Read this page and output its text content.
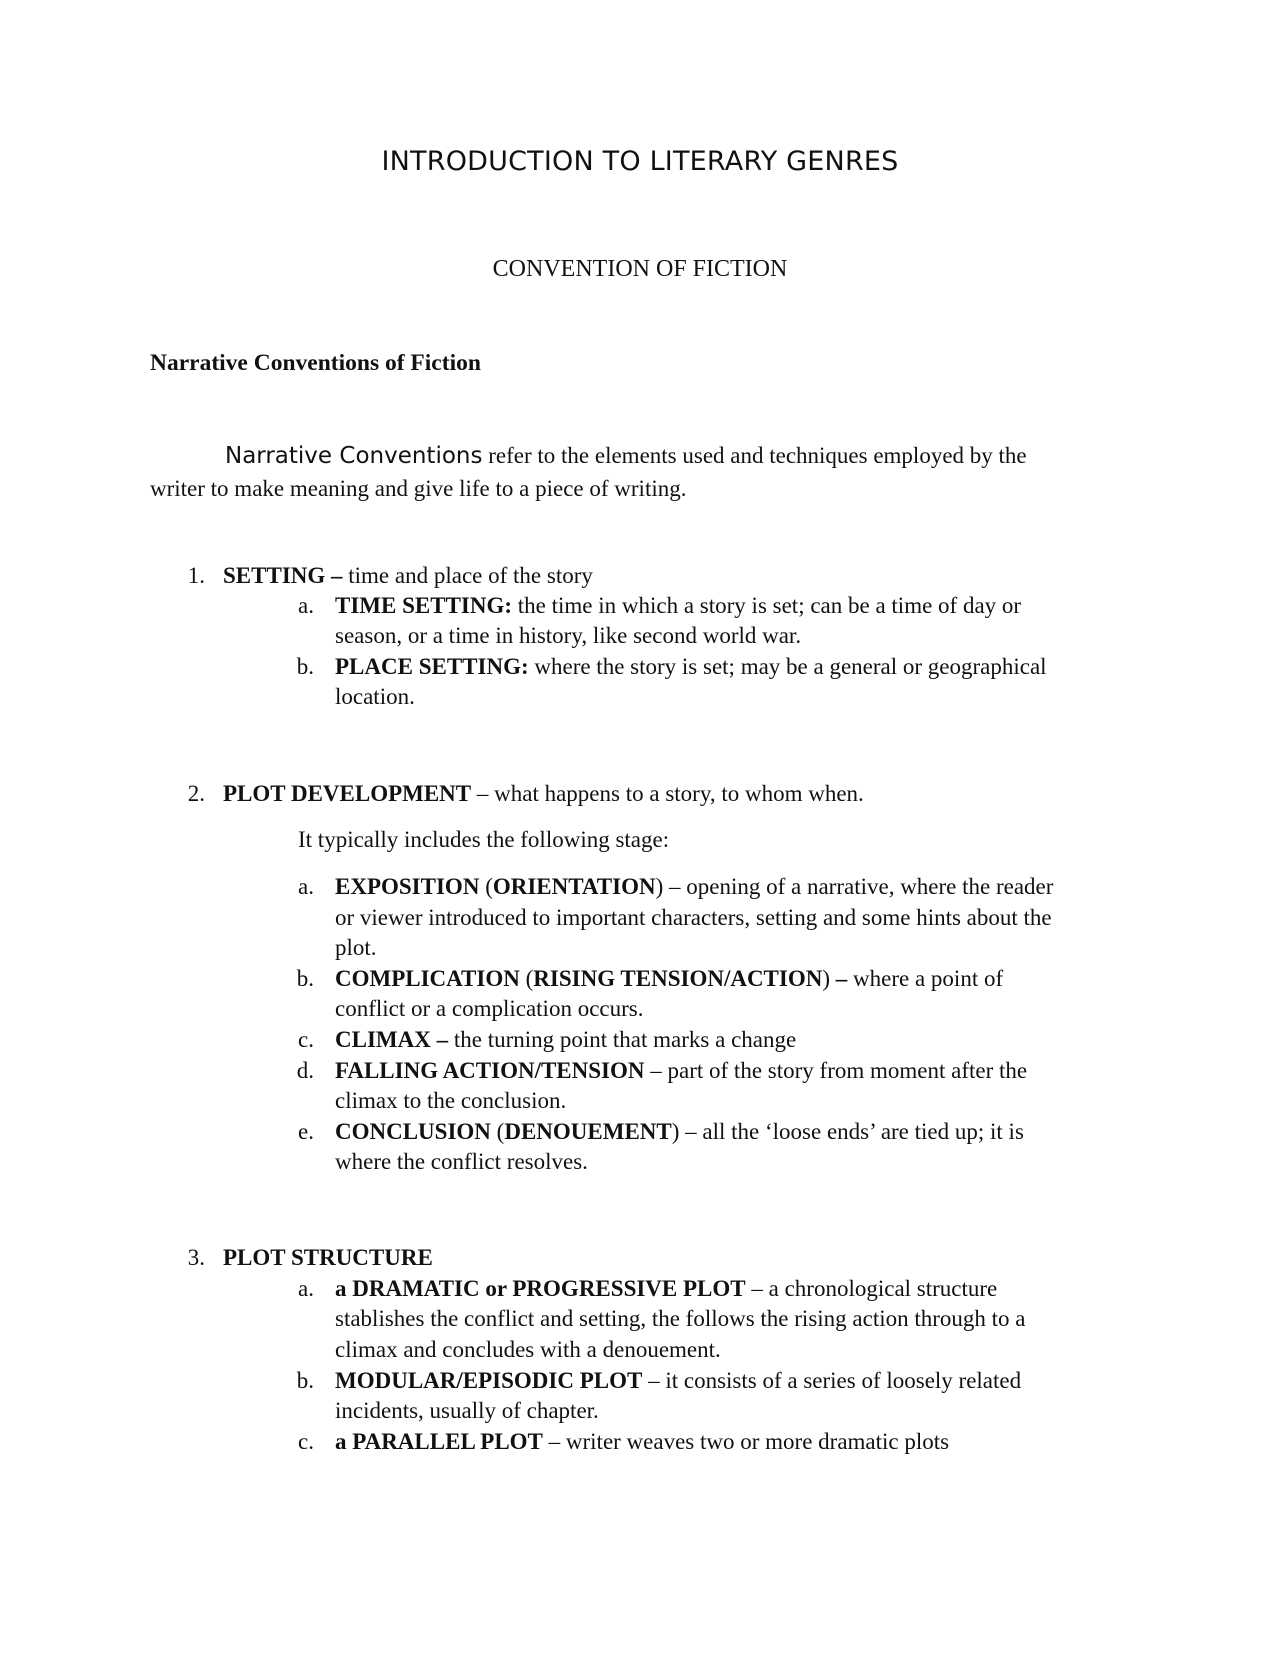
INTRODUCTION TO LITERARY GENRES
CONVENTION OF FICTION
Narrative Conventions of Fiction
Narrative Conventions refer to the elements used and techniques employed by the
writer to make meaning and give life to a piece of writing.
1. SETTING – time and place of the story
a. TIME SETTING: the time in which a story is set; can be a time of day or
season, or a time in history, like second world war.
b. PLACE SETTING: where the story is set; may be a general or geographical
location.
2. PLOT DEVELOPMENT – what happens to a story, to whom when.
It typically includes the following stage:
a. EXPOSITION (ORIENTATION) – opening of a narrative, where the reader
or viewer introduced to important characters, setting and some hints about the
plot.
b. COMPLICATION (RISING TENSION/ACTION) – where a point of
conflict or a complication occurs.
c. CLIMAX – the turning point that marks a change
d. FALLING ACTION/TENSION – part of the story from moment after the
climax to the conclusion.
e. CONCLUSION (DENOUEMENT) – all the ‘loose ends’ are tied up; it is
where the conflict resolves.
3. PLOT STRUCTURE
a. a DRAMATIC or PROGRESSIVE PLOT – a chronological structure
stablishes the conflict and setting, the follows the rising action through to a
climax and concludes with a denouement.
b. MODULAR/EPISODIC PLOT – it consists of a series of loosely related
incidents, usually of chapter.
c. a PARALLEL PLOT – writer weaves two or more dramatic plots
